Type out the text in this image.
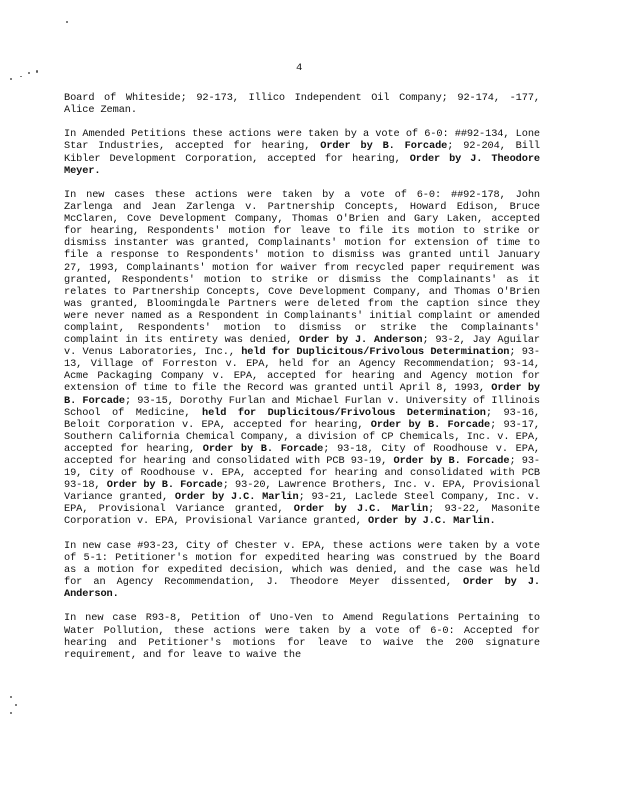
4

Board of Whiteside; 92-173, Illico Independent Oil Company; 92-174, -177, Alice Zeman.

In Amended Petitions these actions were taken by a vote of 6-0: ##92-134, Lone Star Industries, accepted for hearing, Order by B. Forcade; 92-204, Bill Kibler Development Corporation, accepted for hearing, Order by J. Theodore Meyer.

In new cases these actions were taken by a vote of 6-0: ##92-178, John Zarlenga and Jean Zarlenga v. Partnership Concepts, Howard Edison, Bruce McClaren, Cove Development Company, Thomas O'Brien and Gary Laken, accepted for hearing, Respondents' motion for leave to file its motion to strike or dismiss instanter was granted, Complainants' motion for extension of time to file a response to Respondents' motion to dismiss was granted until January 27, 1993, Complainants' motion for waiver from recycled paper requirement was granted, Respondents' motion to strike or dismiss the Complainants' as it relates to Partnership Concepts, Cove Development Company, and Thomas O'Brien was granted, Bloomingdale Partners were deleted from the caption since they were never named as a Respondent in Complainants' initial complaint or amended complaint, Respondents' motion to dismiss or strike the Complainants' complaint in its entirety was denied, Order by J. Anderson; 93-2, Jay Aguilar v. Venus Laboratories, Inc., held for Duplicitous/Frivolous Determination; 93-13, Village of Forreston v. EPA, held for an Agency Recommendation; 93-14, Acme Packaging Company v. EPA, accepted for hearing and Agency motion for extension of time to file the Record was granted until April 8, 1993, Order by B. Forcade; 93-15, Dorothy Furlan and Michael Furlan v. University of Illinois School of Medicine, held for Duplicitous/Frivolous Determination; 93-16, Beloit Corporation v. EPA, accepted for hearing, Order by B. Forcade; 93-17, Southern California Chemical Company, a division of CP Chemicals, Inc. v. EPA, accepted for hearing, Order by B. Forcade; 93-18, City of Roodhouse v. EPA, accepted for hearing and consolidated with PCB 93-19, Order by B. Forcade; 93-19, City of Roodhouse v. EPA, accepted for hearing and consolidated with PCB 93-18, Order by B. Forcade; 93-20, Lawrence Brothers, Inc. v. EPA, Provisional Variance granted, Order by J.C. Marlin; 93-21, Laclede Steel Company, Inc. v. EPA, Provisional Variance granted, Order by J.C. Marlin; 93-22, Masonite Corporation v. EPA, Provisional Variance granted, Order by J.C. Marlin.

In new case #93-23, City of Chester v. EPA, these actions were taken by a vote of 5-1: Petitioner's motion for expedited hearing was construed by the Board as a motion for expedited decision, which was denied, and the case was held for an Agency Recommendation, J. Theodore Meyer dissented, Order by J. Anderson.

In new case R93-8, Petition of Uno-Ven to Amend Regulations Pertaining to Water Pollution, these actions were taken by a vote of 6-0: Accepted for hearing and Petitioner's motions for leave to waive the 200 signature requirement, and for leave to waive the
